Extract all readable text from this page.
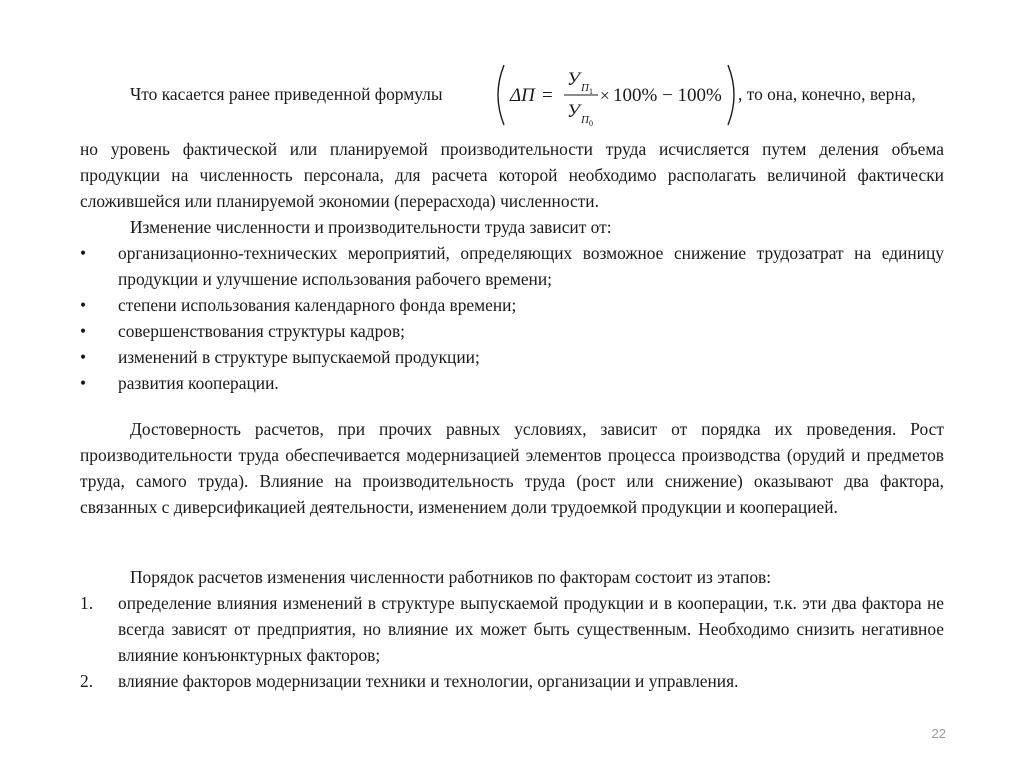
Что касается ранее приведенной формулы	ΔП =
У П 1
У П 0
× 100% − 100% , то она, конечно, верна,

но уровень фактической или планируемой производительности труда исчисляется путем деления объема продукции на численность персонала, для расчета которой необходимо располагать величиной фактически сложившейся или планируемой экономии (перерасхода) численности.

Изменение численности и производительности труда зависит от:

• организационно-технических мероприятий, определяющих возможное снижение трудозатрат на единицу продукции и улучшение использования рабочего времени;
• степени использования календарного фонда времени;
• совершенствования структуры кадров;
• изменений в структуре выпускаемой продукции;
• развития кооперации.

Достоверность расчетов, при прочих равных условиях, зависит от порядка их проведения. Рост производительности труда обеспечивается модернизацией элементов процесса производства (орудий и предметов труда, самого труда). Влияние на производительность труда (рост или снижение) оказывают два фактора, связанных с диверсификацией деятельности, изменением доли трудоемкой продукции и кооперацией.

Порядок расчетов изменения численности работников по факторам состоит из этапов:

1. определение влияния изменений в структуре выпускаемой продукции и в кооперации, т.к. эти два фактора не всегда зависят от предприятия, но влияние их может быть существенным. Необходимо снизить негативное влияние конъюнктурных факторов;
2. влияние факторов модернизации техники и технологии, организации и управления.
22
